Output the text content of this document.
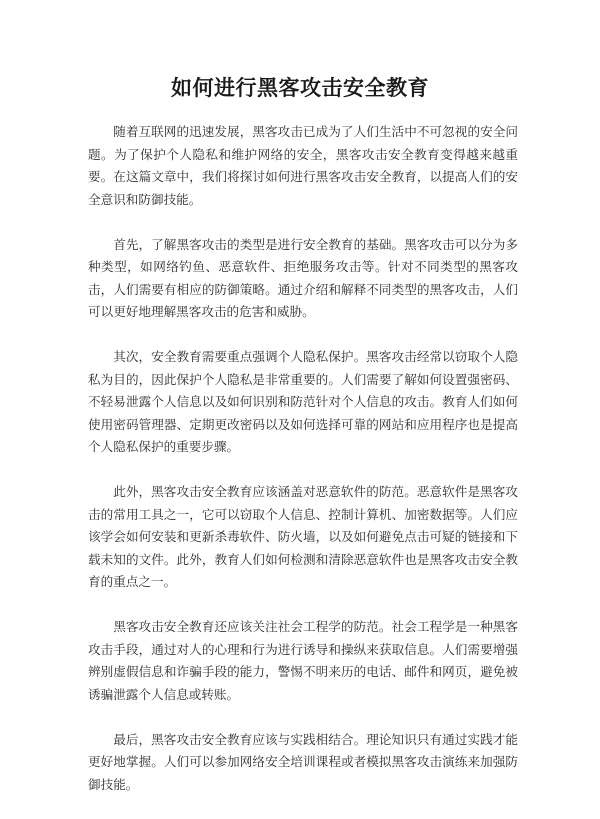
如何进行黑客攻击安全教育

随着互联网的迅速发展，黑客攻击已成为了人们生活中不可忽视的安全问题。为了保护个人隐私和维护网络的安全，黑客攻击安全教育变得越来越重要。在这篇文章中，我们将探讨如何进行黑客攻击安全教育，以提高人们的安全意识和防御技能。

首先，了解黑客攻击的类型是进行安全教育的基础。黑客攻击可以分为多种类型，如网络钓鱼、恶意软件、拒绝服务攻击等。针对不同类型的黑客攻击，人们需要有相应的防御策略。通过介绍和解释不同类型的黑客攻击，人们可以更好地理解黑客攻击的危害和威胁。

其次，安全教育需要重点强调个人隐私保护。黑客攻击经常以窃取个人隐私为目的，因此保护个人隐私是非常重要的。人们需要了解如何设置强密码、不轻易泄露个人信息以及如何识别和防范针对个人信息的攻击。教育人们如何使用密码管理器、定期更改密码以及如何选择可靠的网站和应用程序也是提高个人隐私保护的重要步骤。

此外，黑客攻击安全教育应该涵盖对恶意软件的防范。恶意软件是黑客攻击的常用工具之一，它可以窃取个人信息、控制计算机、加密数据等。人们应该学会如何安装和更新杀毒软件、防火墙，以及如何避免点击可疑的链接和下载未知的文件。此外，教育人们如何检测和清除恶意软件也是黑客攻击安全教育的重点之一。

黑客攻击安全教育还应该关注社会工程学的防范。社会工程学是一种黑客攻击手段，通过对人的心理和行为进行诱导和操纵来获取信息。人们需要增强辨别虚假信息和诈骗手段的能力，警惕不明来历的电话、邮件和网页，避免被诱骗泄露个人信息或转账。

最后，黑客攻击安全教育应该与实践相结合。理论知识只有通过实践才能更好地掌握。人们可以参加网络安全培训课程或者模拟黑客攻击演练来加强防御技能。
